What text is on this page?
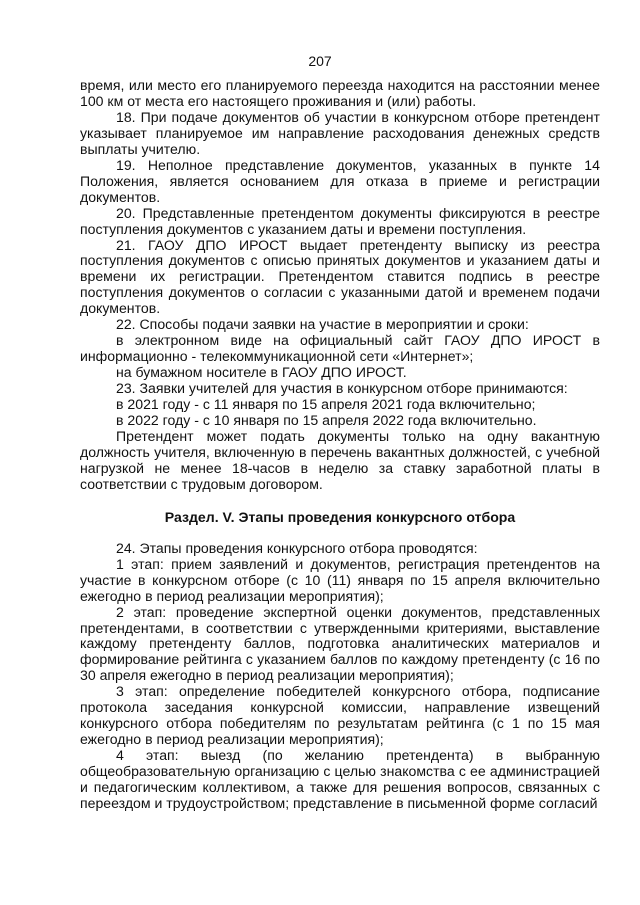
207

время, или место его планируемого переезда находится на расстоянии менее 100 км от места его настоящего проживания и (или) работы.

18. При подаче документов об участии в конкурсном отборе претендент указывает планируемое им направление расходования денежных средств выплаты учителю.

19. Неполное представление документов, указанных в пункте 14 Положения, является основанием для отказа в приеме и регистрации документов.

20. Представленные претендентом документы фиксируются в реестре поступления документов с указанием даты и времени поступления.

21. ГАОУ ДПО ИРОСТ выдает претенденту выписку из реестра поступления документов с описью принятых документов и указанием даты и времени их регистрации. Претендентом ставится подпись в реестре поступления документов о согласии с указанными датой и временем подачи документов.

22. Способы подачи заявки на участие в мероприятии и сроки:

в электронном виде на официальный сайт ГАОУ ДПО ИРОСТ в информационно - телекоммуникационной сети «Интернет»;

на бумажном носителе в ГАОУ ДПО ИРОСТ.

23. Заявки учителей для участия в конкурсном отборе принимаются:

в 2021 году - с 11 января по 15 апреля 2021 года включительно;

в 2022 году - с 10 января по 15 апреля 2022 года включительно.

Претендент может подать документы только на одну вакантную должность учителя, включенную в перечень вакантных должностей, с учебной нагрузкой не менее 18-часов в неделю за ставку заработной платы в соответствии с трудовым договором.

Раздел. V. Этапы проведения конкурсного отбора

24. Этапы проведения конкурсного отбора проводятся:

1 этап: прием заявлений и документов, регистрация претендентов на участие в конкурсном отборе (с 10 (11) января по 15 апреля включительно ежегодно в период реализации мероприятия);

2 этап: проведение экспертной оценки документов, представленных претендентами, в соответствии с утвержденными критериями, выставление каждому претенденту баллов, подготовка аналитических материалов и формирование рейтинга с указанием баллов по каждому претенденту (с 16 по 30 апреля ежегодно в период реализации мероприятия);

3 этап: определение победителей конкурсного отбора, подписание протокола заседания конкурсной комиссии, направление извещений конкурсного отбора победителям по результатам рейтинга (с 1 по 15 мая ежегодно в период реализации мероприятия);

4 этап: выезд (по желанию претендента) в выбранную общеобразовательную организацию с целью знакомства с ее администрацией и педагогическим коллективом, а также для решения вопросов, связанных с переездом и трудоустройством; представление в письменной форме согласий
